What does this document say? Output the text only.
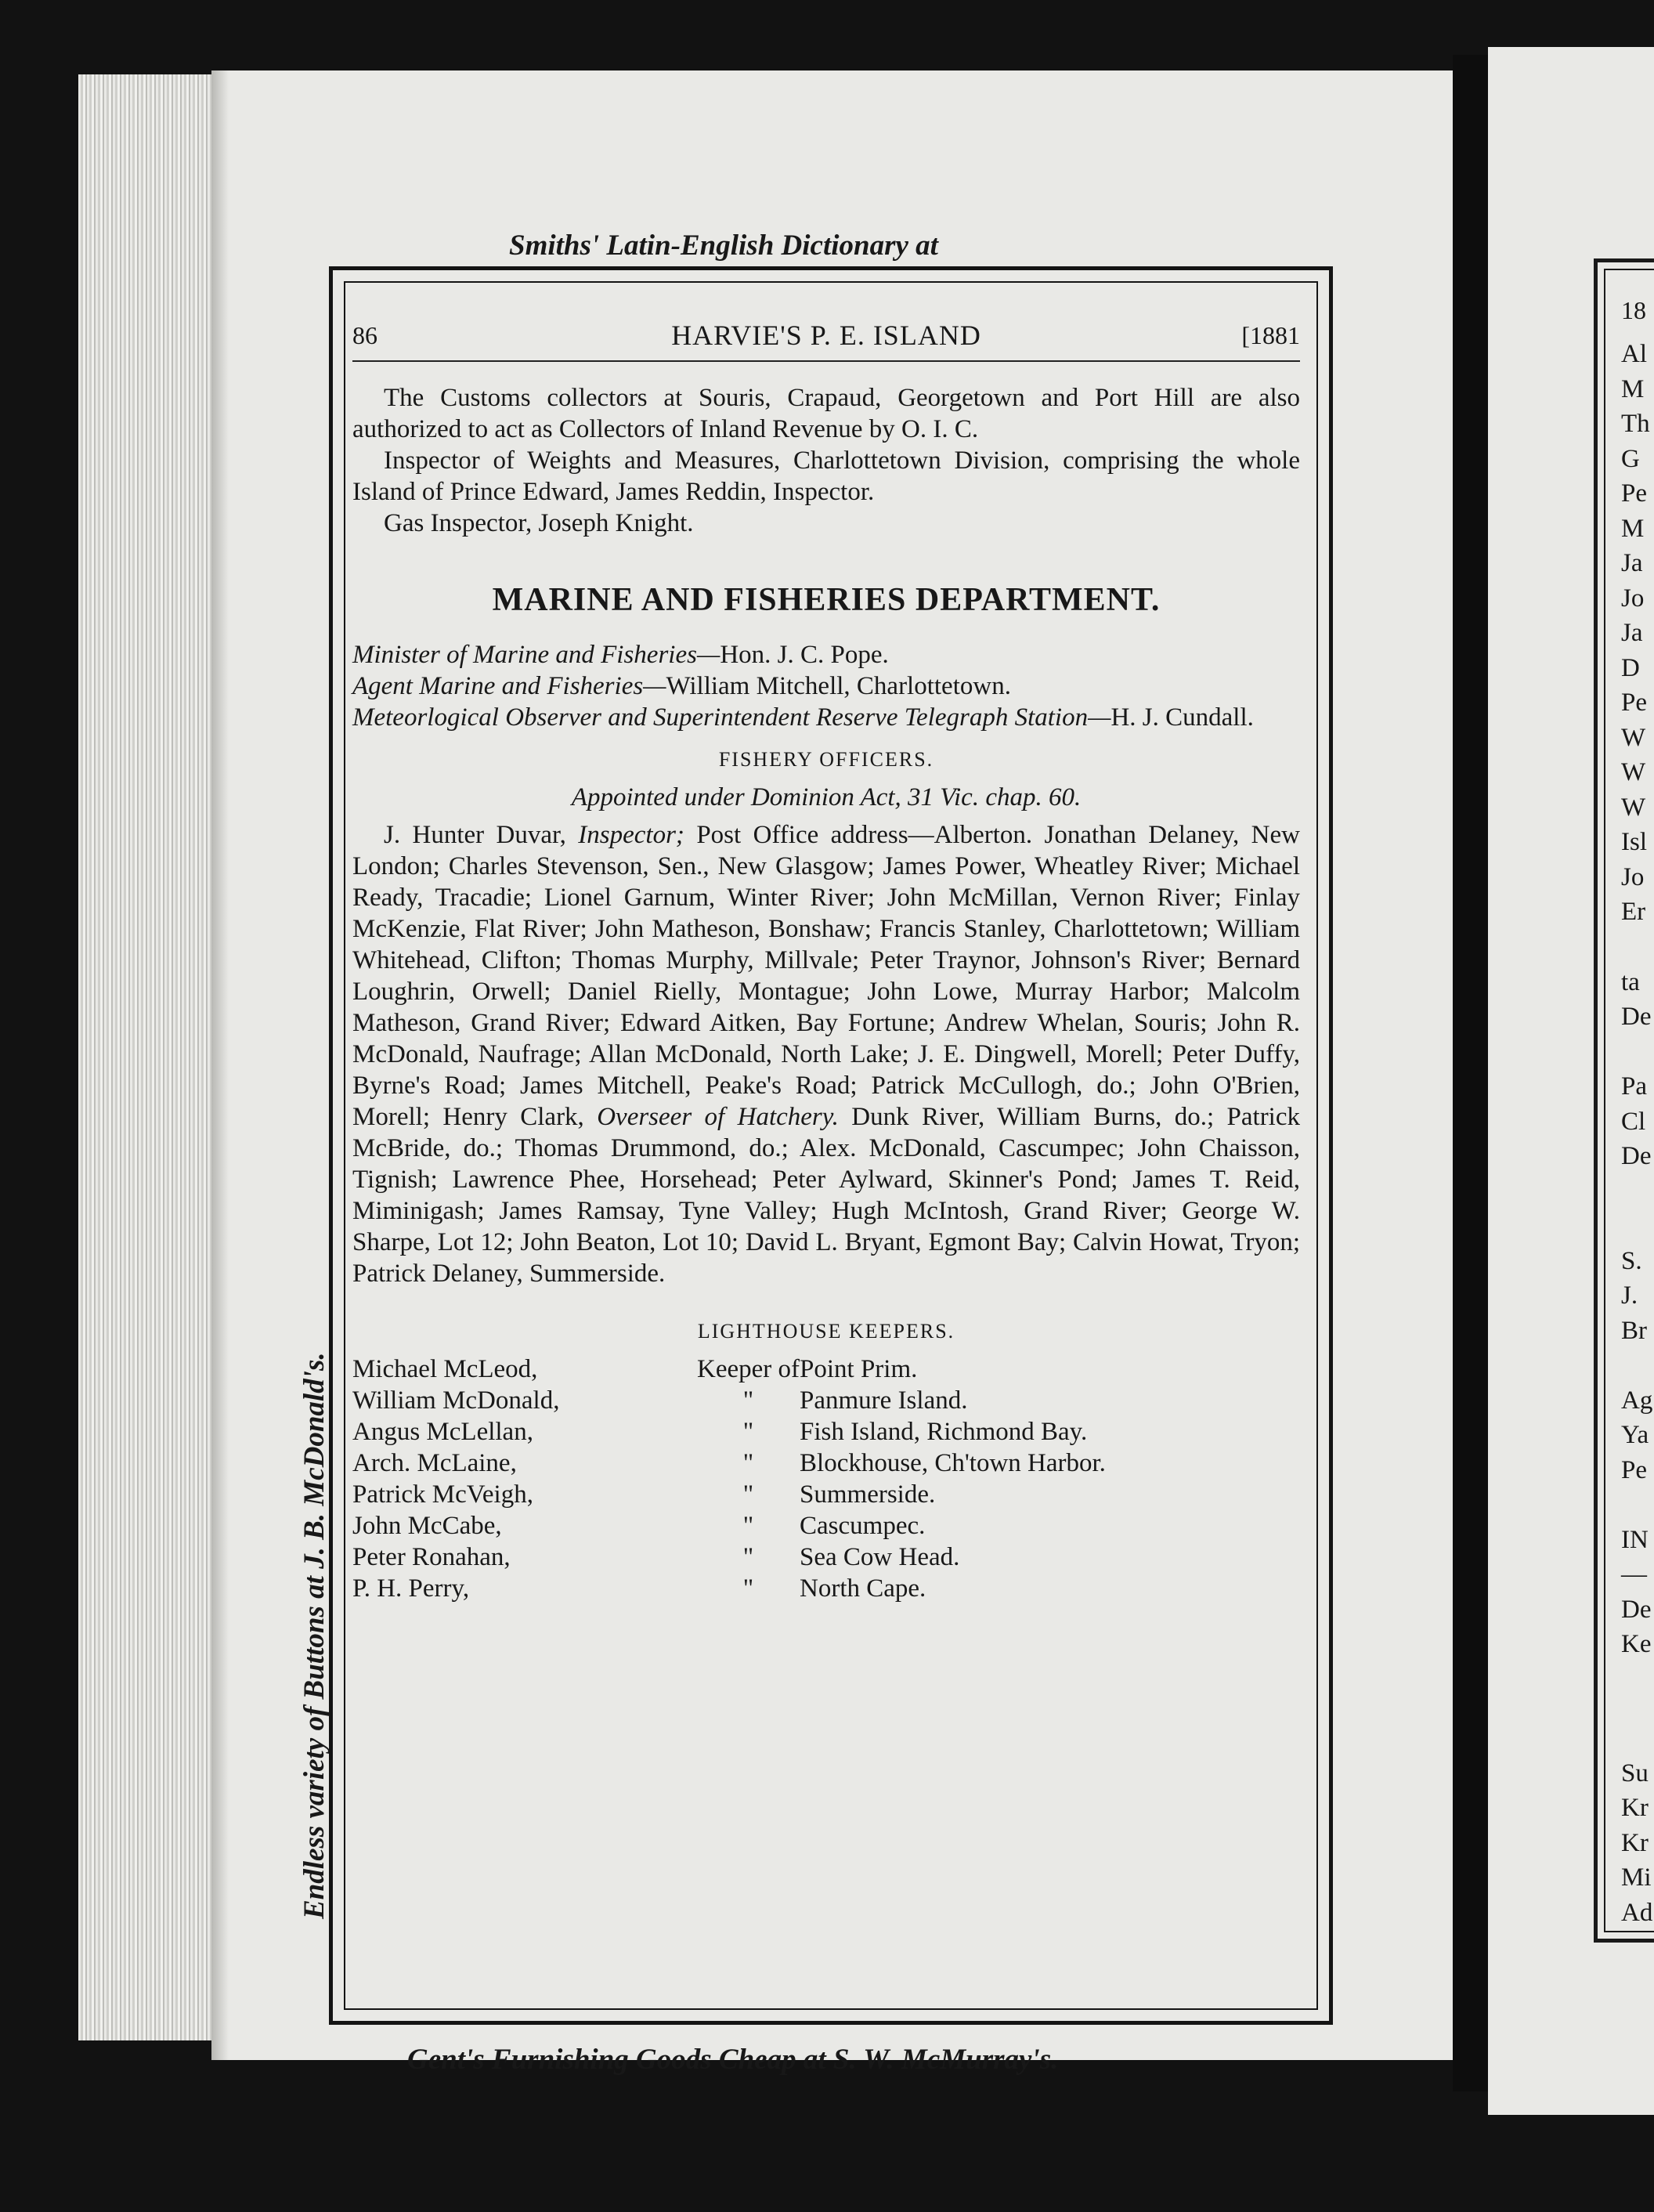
18
Al
M
Th
G
Pe
M
Ja
Jo
Ja
D
Pe
W
W
W
Isl
Jo
Er
ta
De
Pa
Cl
De
S.
J.
Br
Ag
Ya
Pe
IN
—
De
Ke
Su
Kr
Kr
Mi
Ad
Smiths' Latin-English Dictionary at
Endless variety of Buttons at J. B. McDonald's.
86	HARVIE'S P. E. ISLAND	[1881

The Customs collectors at Souris, Crapaud, Georgetown and Port Hill are also authorized to act as Collectors of Inland Revenue by O. I. C.

Inspector of Weights and Measures, Charlottetown Division, comprising the whole Island of Prince Edward, James Reddin, Inspector.

Gas Inspector, Joseph Knight.

MARINE AND FISHERIES DEPARTMENT.

Minister of Marine and Fisheries—Hon. J. C. Pope.

Agent Marine and Fisheries—William Mitchell, Charlottetown.

Meteorlogical Observer and Superintendent Reserve Telegraph Station—H. J. Cundall.

FISHERY OFFICERS.

Appointed under Dominion Act, 31 Vic. chap. 60.

J. Hunter Duvar, Inspector; Post Office address—Alberton. Jonathan Delaney, New London; Charles Stevenson, Sen., New Glasgow; James Power, Wheatley River; Michael Ready, Tracadie; Lionel Garnum, Winter River; John McMillan, Vernon River; Finlay McKenzie, Flat River; John Matheson, Bonshaw; Francis Stanley, Charlottetown; William Whitehead, Clifton; Thomas Murphy, Millvale; Peter Traynor, Johnson's River; Bernard Loughrin, Orwell; Daniel Rielly, Montague; John Lowe, Murray Harbor; Malcolm Matheson, Grand River; Edward Aitken, Bay Fortune; Andrew Whelan, Souris; John R. McDonald, Naufrage; Allan McDonald, North Lake; J. E. Dingwell, Morell; Peter Duffy, Byrne's Road; James Mitchell, Peake's Road; Patrick McCullogh, do.; John O'Brien, Morell; Henry Clark, Overseer of Hatchery. Dunk River, William Burns, do.; Patrick McBride, do.; Thomas Drummond, do.; Alex. McDonald, Cascumpec; John Chaisson, Tignish; Lawrence Phee, Horsehead; Peter Aylward, Skinner's Pond; James T. Reid, Miminigash; James Ramsay, Tyne Valley; Hugh McIntosh, Grand River; George W. Sharpe, Lot 12; John Beaton, Lot 10; David L. Bryant, Egmont Bay; Calvin Howat, Tryon; Patrick Delaney, Summerside.

LIGHTHOUSE KEEPERS.
Michael McLeod,	Keeper of	Point Prim.
William McDonald,	"	Panmure Island.
Angus McLellan,	"	Fish Island, Richmond Bay.
Arch. McLaine,	"	Blockhouse, Ch'town Harbor.
Patrick McVeigh,	"	Summerside.
John McCabe,	"	Cascumpec.
Peter Ronahan,	"	Sea Cow Head.
P. H. Perry,	"	North Cape.
Gent's Furnishing Goods Cheap at S. W. McMurray's.
